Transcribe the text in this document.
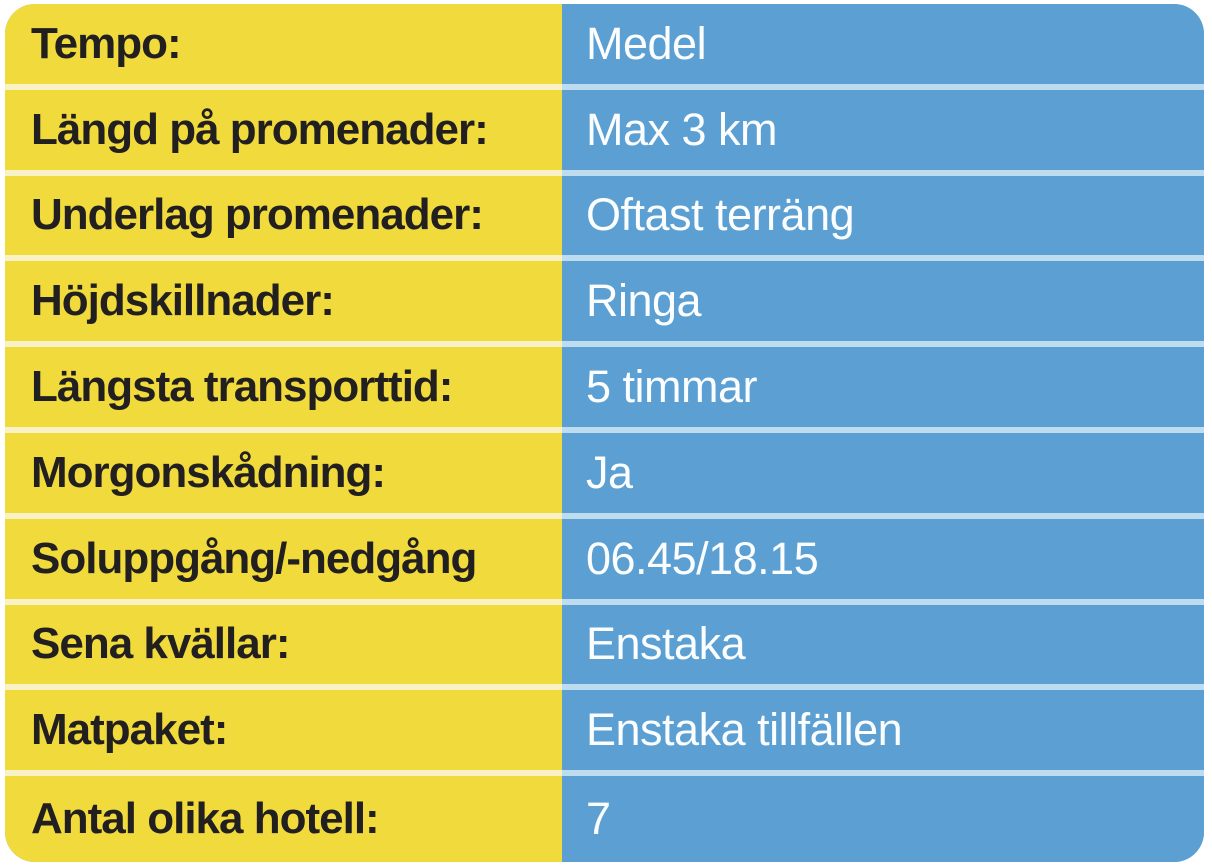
Tempo:	Medel
Längd på promenader:	Max 3 km
Underlag promenader:	Oftast terräng
Höjdskillnader:	Ringa
Längsta transporttid:	5 timmar
Morgonskådning:	Ja
Soluppgång/-nedgång	06.45/18.15
Sena kvällar:	Enstaka
Matpaket:	Enstaka tillfällen
Antal olika hotell:	7
